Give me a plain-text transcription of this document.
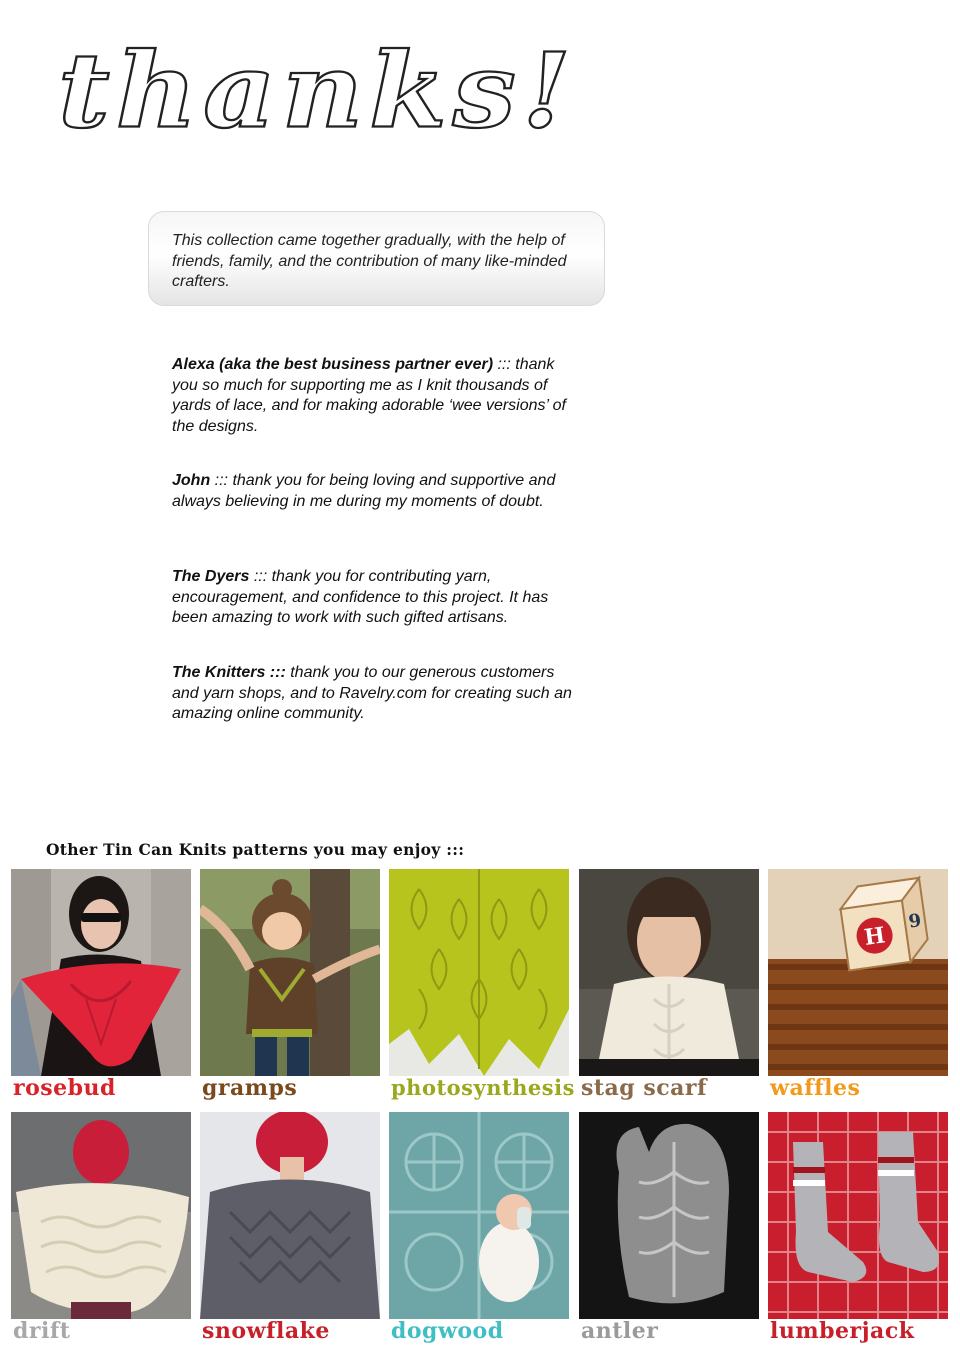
thanks!
This collection came together gradually, with the help of friends, family, and the contribution of many like-minded crafters.

Alexa (aka the best business partner ever) ::: thank you so much for supporting me as I knit thousands of yards of lace, and for making adorable ‘wee versions’ of the designs.

John ::: thank you for being loving and supportive and always believing in me during my moments of doubt.

The Dyers ::: thank you for contributing yarn, encouragement, and confidence to this project. It has been amazing to work with such gifted artisans.

The Knitters ::: thank you to our generous customers and yarn shops, and to Ravelry.com for creating such an amazing online community.

Other Tin Can Knits patterns you may enjoy :::
rosebud	gramps	photosynthesis stag scarf
H
9
waffles
drift	snowflake	dogwood	antler	lumberjack
